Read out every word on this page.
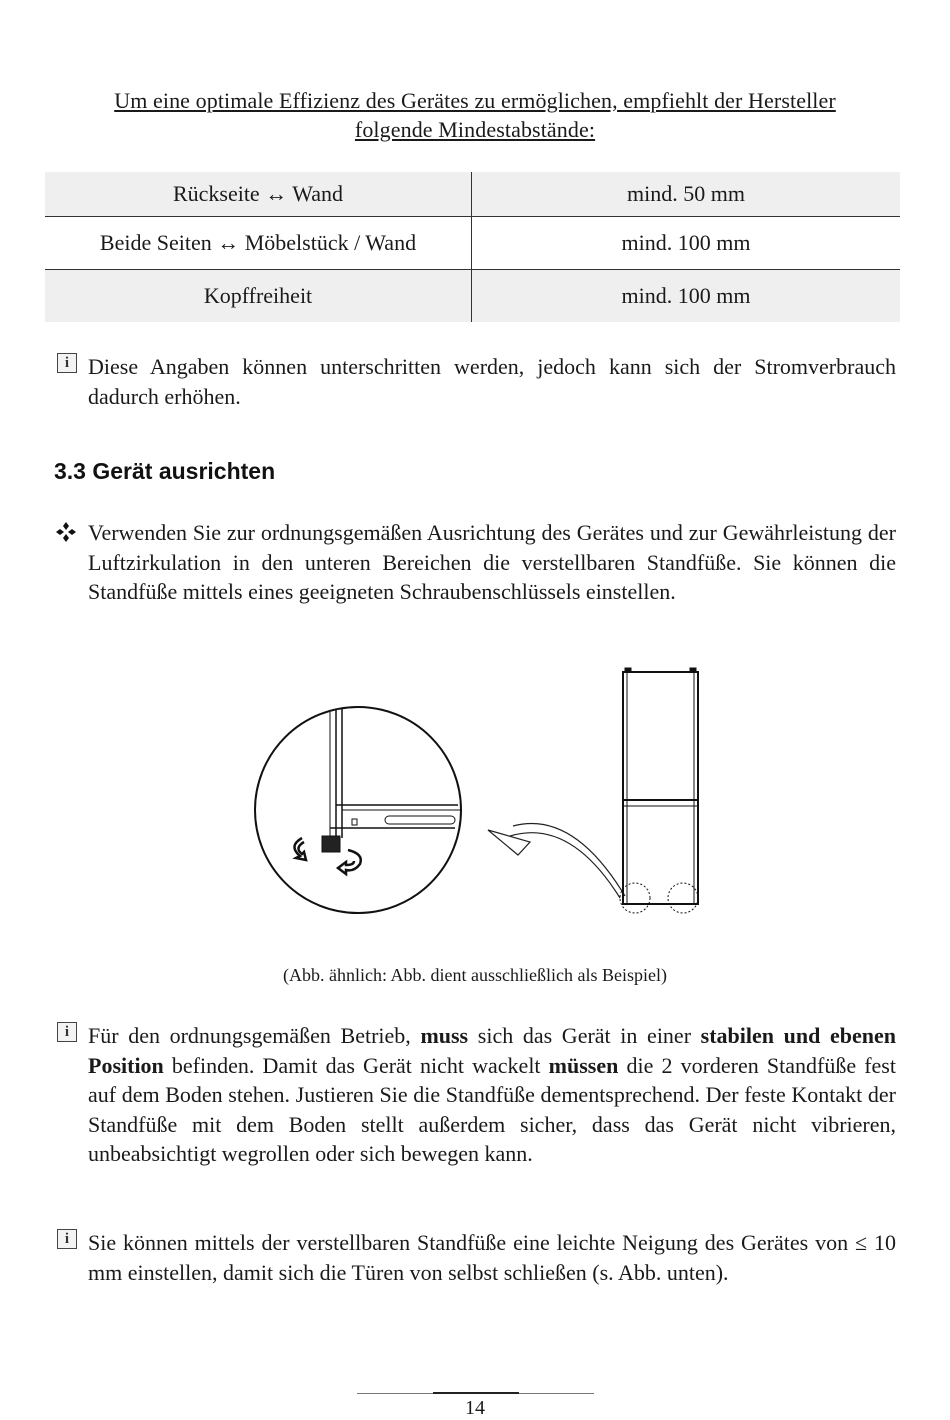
Um eine optimale Effizienz des Gerätes zu ermöglichen, empfiehlt der Hersteller
folgende Mindestabstände:
Rückseite ↔ Wand	mind. 50 mm
Beide Seiten ↔ Möbelstück / Wand	mind. 100 mm
Kopffreiheit	mind. 100 mm
i Diese Angaben können unterschritten werden, jedoch kann sich der Stromverbrauch dadurch erhöhen.
3.3 Gerät ausrichten
Verwenden Sie zur ordnungsgemäßen Ausrichtung des Gerätes und zur Gewährleistung der Luftzirkulation in den unteren Bereichen die verstellbaren Standfüße. Sie können die Standfüße mittels eines geeigneten Schraubenschlüssels einstellen.
(Abb. ähnlich: Abb. dient ausschließlich als Beispiel)
i Für den ordnungsgemäßen Betrieb, muss sich das Gerät in einer stabilen und ebenen Position befinden. Damit das Gerät nicht wackelt müssen die 2 vorderen Standfüße fest auf dem Boden stehen. Justieren Sie die Standfüße dementsprechend. Der feste Kontakt der Standfüße mit dem Boden stellt außerdem sicher, dass das Gerät nicht vibrieren, unbeabsichtigt wegrollen oder sich bewegen kann.
i Sie können mittels der verstellbaren Standfüße eine leichte Neigung des Gerätes von ≤ 10 mm einstellen, damit sich die Türen von selbst schließen (s. Abb. unten).
14
